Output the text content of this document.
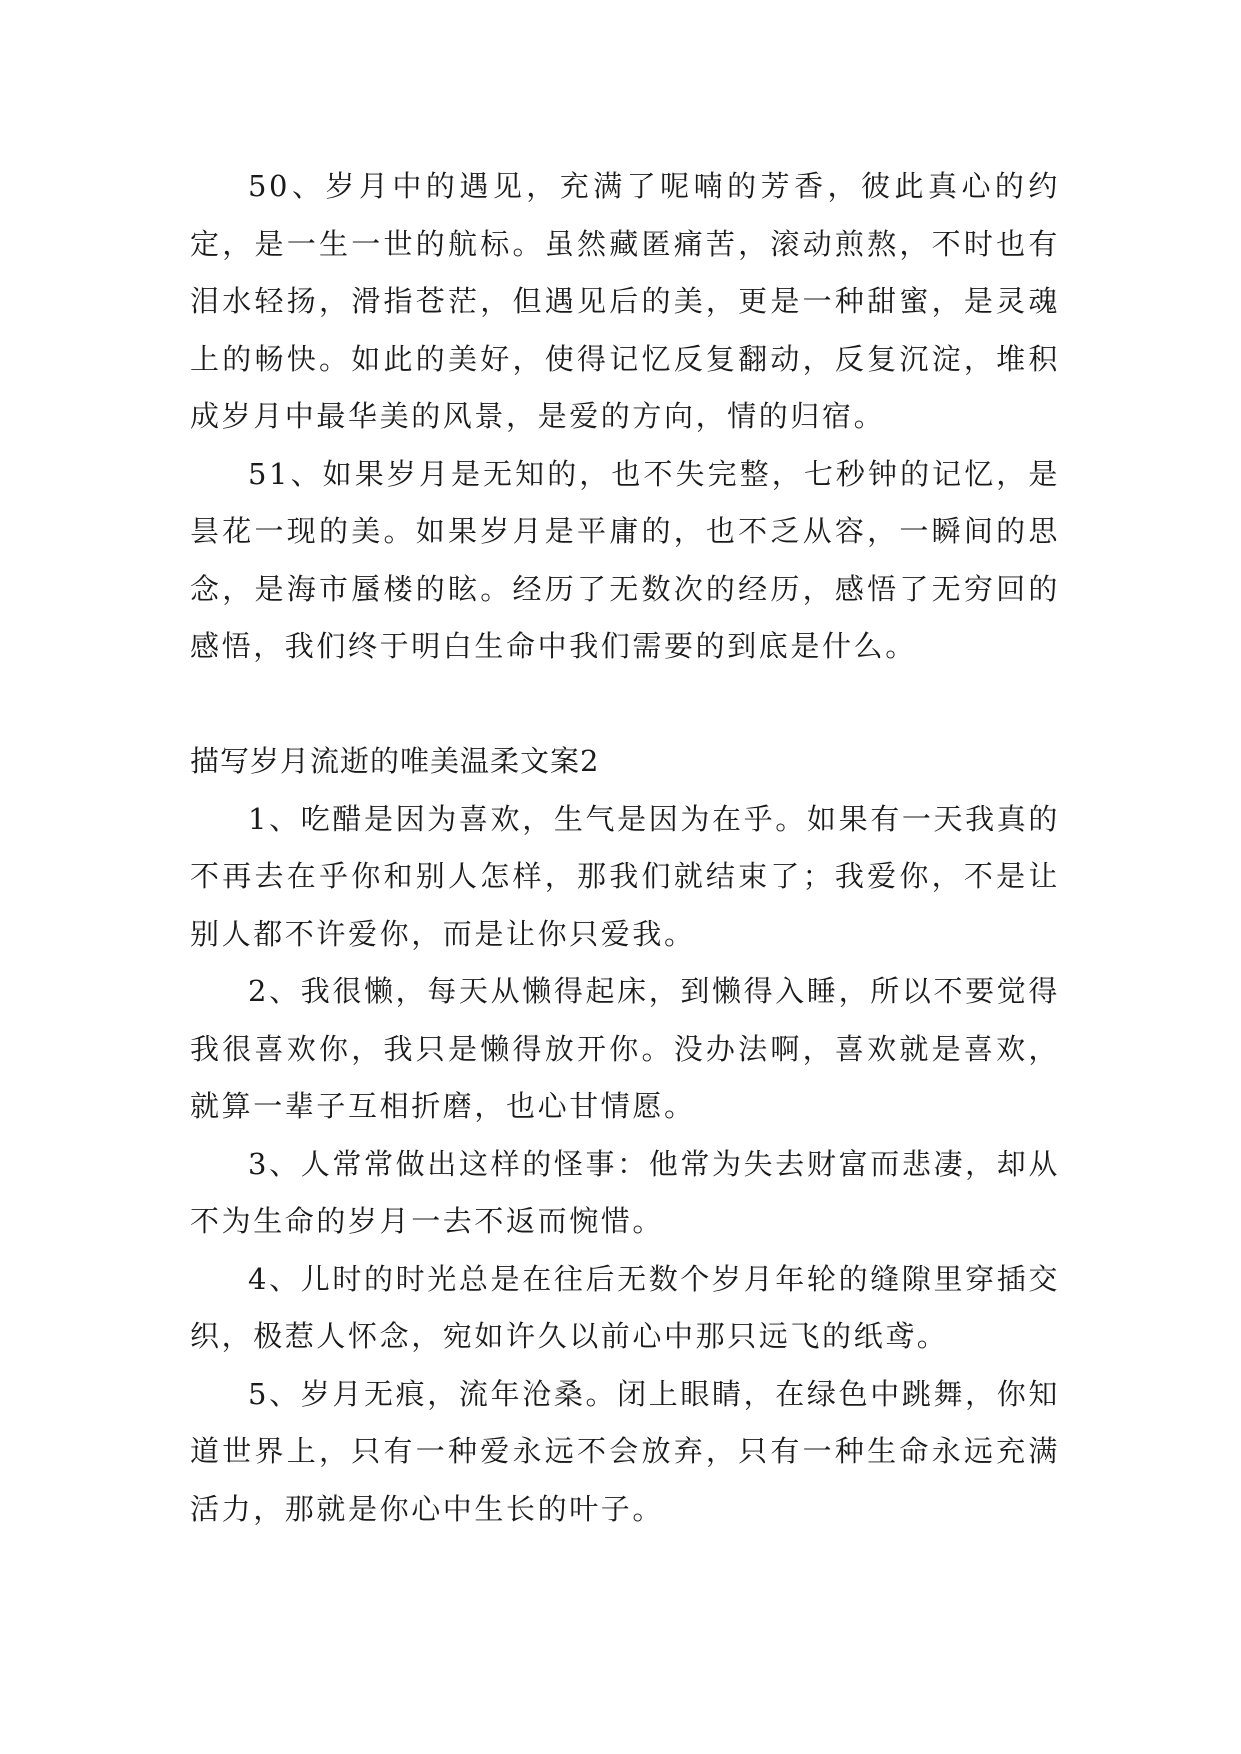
50、岁月中的遇见，充满了呢喃的芳香，彼此真心的约定，是一生一世的航标。虽然藏匿痛苦，滚动煎熬，不时也有泪水轻扬，滑指苍茫，但遇见后的美，更是一种甜蜜，是灵魂上的畅快。如此的美好，使得记忆反复翻动，反复沉淀，堆积成岁月中最华美的风景，是爱的方向，情的归宿。

51、如果岁月是无知的，也不失完整，七秒钟的记忆，是昙花一现的美。如果岁月是平庸的，也不乏从容，一瞬间的思念，是海市蜃楼的眩。经历了无数次的经历，感悟了无穷回的感悟，我们终于明白生命中我们需要的到底是什么。

描写岁月流逝的唯美温柔文案2

1、吃醋是因为喜欢，生气是因为在乎。如果有一天我真的不再去在乎你和别人怎样，那我们就结束了；我爱你，不是让别人都不许爱你，而是让你只爱我。

2、我很懒，每天从懒得起床，到懒得入睡，所以不要觉得我很喜欢你，我只是懒得放开你。没办法啊，喜欢就是喜欢，就算一辈子互相折磨，也心甘情愿。

3、人常常做出这样的怪事：他常为失去财富而悲凄，却从不为生命的岁月一去不返而惋惜。

4、儿时的时光总是在往后无数个岁月年轮的缝隙里穿插交织，极惹人怀念，宛如许久以前心中那只远飞的纸鸢。

5、岁月无痕，流年沧桑。闭上眼睛，在绿色中跳舞，你知道世界上，只有一种爱永远不会放弃，只有一种生命永远充满活力，那就是你心中生长的叶子。
